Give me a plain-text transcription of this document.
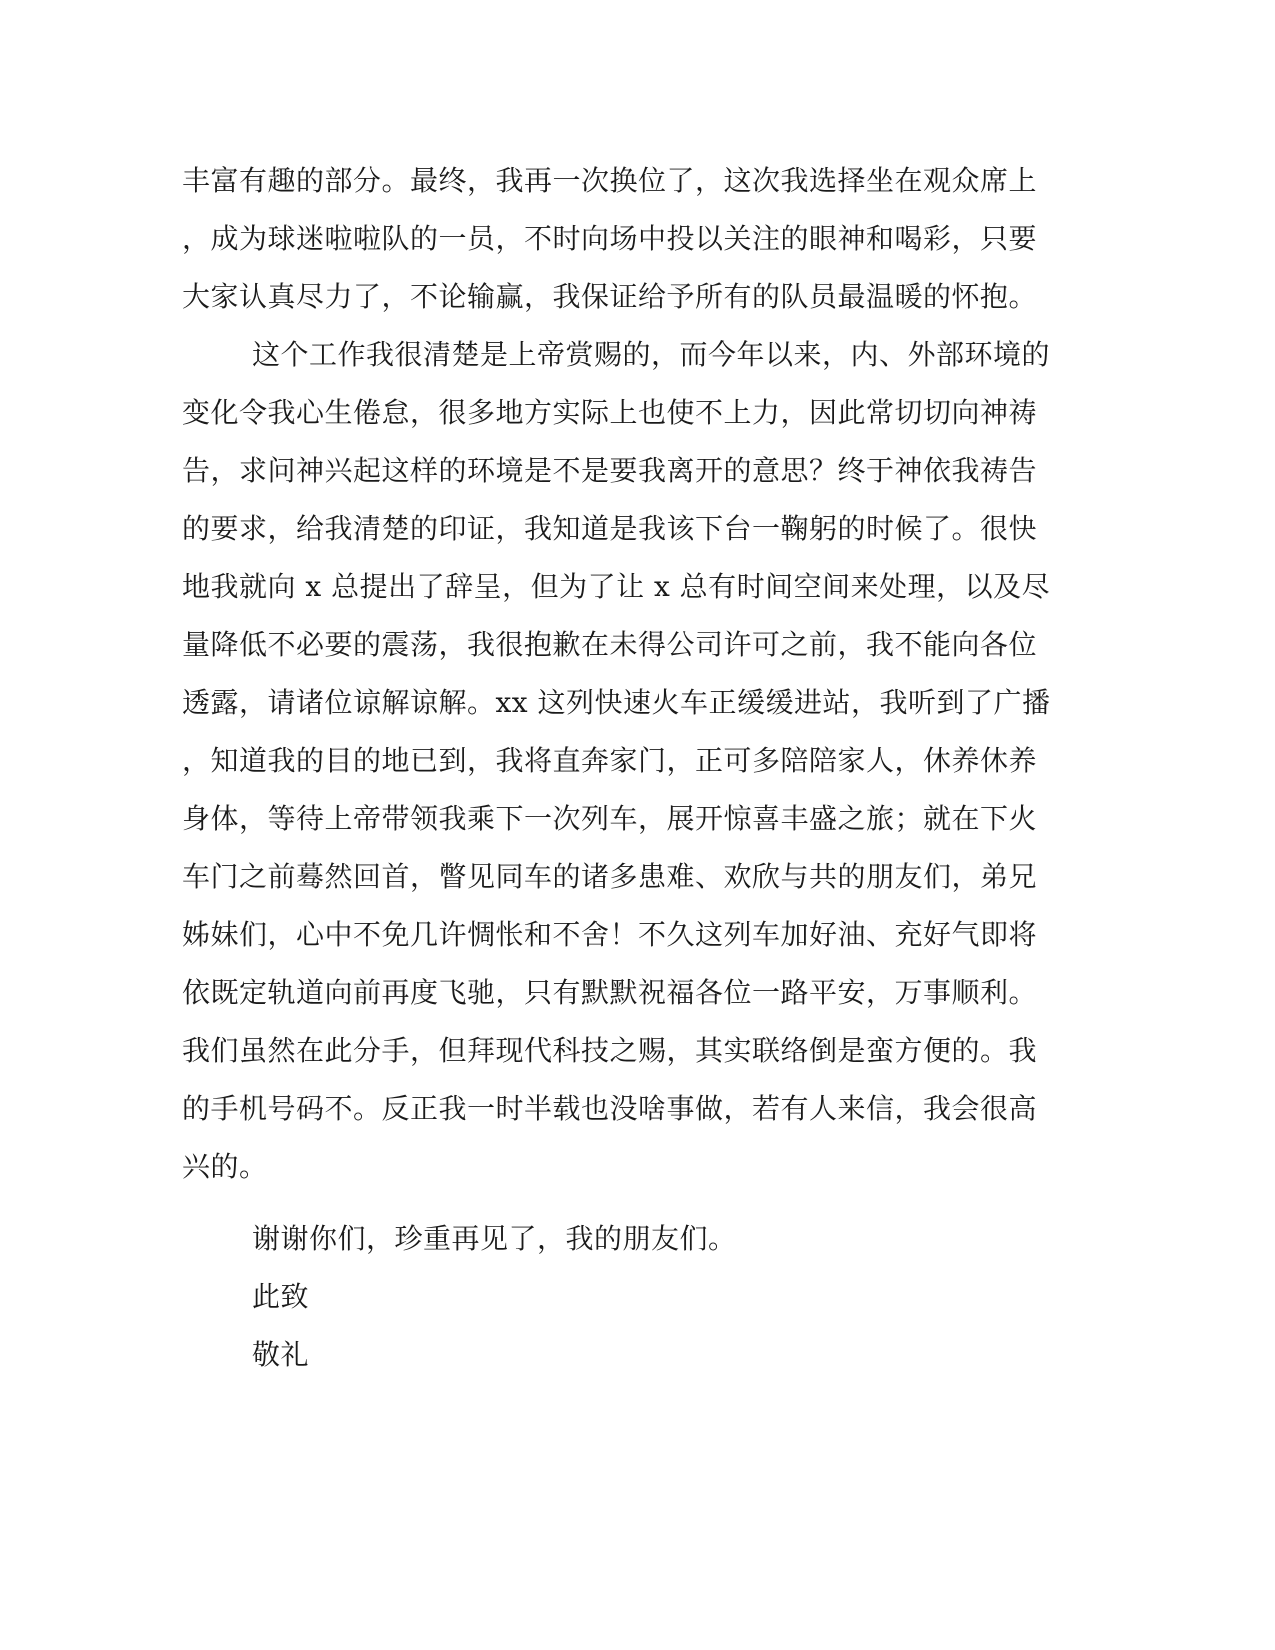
丰富有趣的部分。最终，我再一次换位了，这次我选择坐在观众席上
，成为球迷啦啦队的一员，不时向场中投以关注的眼神和喝彩，只要
大家认真尽力了，不论输赢，我保证给予所有的队员最温暖的怀抱。
这个工作我很清楚是上帝赏赐的，而今年以来，内、外部环境的
变化令我心生倦怠，很多地方实际上也使不上力，因此常切切向神祷
告，求问神兴起这样的环境是不是要我离开的意思？终于神依我祷告
的要求，给我清楚的印证，我知道是我该下台一鞠躬的时候了。很快
地我就向 x 总提出了辞呈，但为了让 x 总有时间空间来处理，以及尽
量降低不必要的震荡，我很抱歉在未得公司许可之前，我不能向各位
透露，请诸位谅解谅解。xx 这列快速火车正缓缓进站，我听到了广播
，知道我的目的地已到，我将直奔家门，正可多陪陪家人，休养休养
身体，等待上帝带领我乘下一次列车，展开惊喜丰盛之旅；就在下火
车门之前蓦然回首，瞥见同车的诸多患难、欢欣与共的朋友们，弟兄
姊妹们，心中不免几许惆怅和不舍！不久这列车加好油、充好气即将
依既定轨道向前再度飞驰，只有默默祝福各位一路平安，万事顺利。
我们虽然在此分手，但拜现代科技之赐，其实联络倒是蛮方便的。我
的手机号码不。反正我一时半载也没啥事做，若有人来信，我会很高
兴的。
谢谢你们，珍重再见了，我的朋友们。
此致
敬礼
